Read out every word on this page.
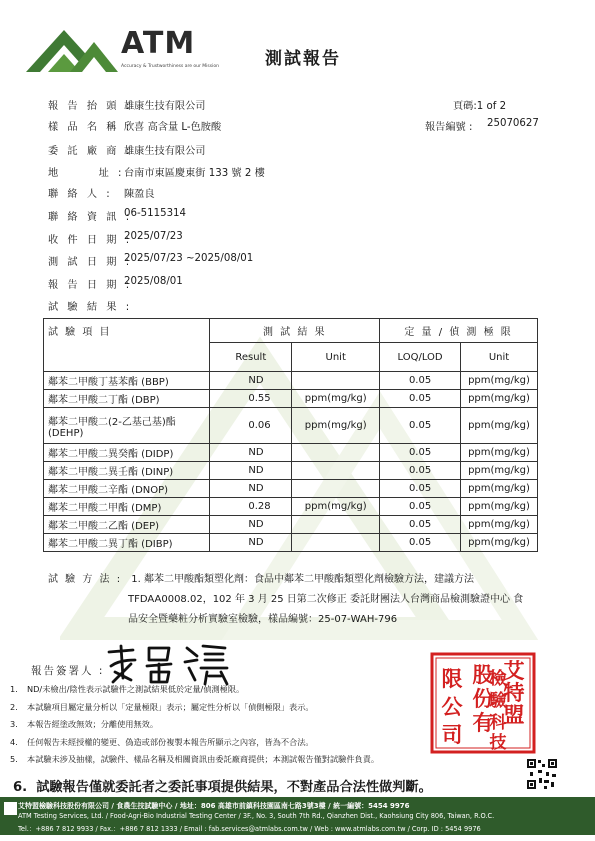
ATM
Accuracy & Trustworthiness are our Mission	測試報告
報 告 抬 頭 :
雄康生技有限公司	頁碼:1 of 2
樣 品 名 稱 :
欣喜 高含量 L-色胺酸	報告編號 : 25070627
委 託 廠 商 :
雄康生技有限公司
地      址 : 台南市東區慶東街 133 號 2 樓
聯 絡 人 : 陳盈良
聯 絡 資 訊 :
06-5115314
收 件 日 期 :
2025/07/23
測 試 日 期 :
2025/07/23 ~2025/08/01
報 告 日 期 :
2025/08/01
試 驗 結 果 :
試 驗 項 目	測 試 結 果		定 量 / 偵 測 極 限	
	Result	Unit	LOQ/LOD	Unit
鄰苯二甲酸丁基苯酯 (BBP)	ND		0.05	ppm(mg/kg)
鄰苯二甲酸二丁酯 (DBP)	0.55	ppm(mg/kg)	0.05	ppm(mg/kg)

鄰苯二甲酸二(2-乙基己基)酯
(DEHP)	0.06	ppm(mg/kg)	0.05	ppm(mg/kg)
鄰苯二甲酸二異癸酯 (DIDP)	ND		0.05	ppm(mg/kg)
鄰苯二甲酸二異壬酯 (DINP)	ND		0.05	ppm(mg/kg)
鄰苯二甲酸二辛酯 (DNOP)	ND		0.05	ppm(mg/kg)
鄰苯二甲酸二甲酯 (DMP)	0.28	ppm(mg/kg)	0.05	ppm(mg/kg)
鄰苯二甲酸二乙酯 (DEP)	ND		0.05	ppm(mg/kg)
鄰苯二甲酸二異丁酯 (DIBP)	ND		0.05	ppm(mg/kg)
試 驗 方 法 : 1. 鄰苯二甲酸酯類塑化劑：食品中鄰苯二甲酸酯類塑化劑檢驗方法，建議方法
TFDAA0008.02，102 年 3 月 25 日第二次修正 委託財團法人台灣商品檢測驗證中心 食
品安全暨藥粧分析實驗室檢驗，樣品編號：25-07-WAH-796
報告簽署人 :	限
公
司
股
份
有
艾
特
盟
檢
驗
科
技
1. ND/未檢出/陰性表示試驗件之測試結果低於定量/偵測極限。
2. 本試驗項目屬定量分析以「定量極限」表示；屬定性分析以「偵側極限」表示。
3. 本報告經塗改無效；分離使用無效。
4. 任何報告未經授權的變更、偽造或部份複製本報告所顯示之內容，皆為不合法。
5. 本試驗未涉及抽樣，試驗件、樣品名稱及相關資訊由委託廠商提供；本測試報告僅對試驗件負責。
6. 試驗報告僅就委託者之委託事項提供結果，不對產品合法性做判斷。
艾特盟檢驗科技股份有限公司 / 食農生技試驗中心 / 地址：806 高雄市前鎮科技園區南七路3號3樓 / 統一編號：5454 9976
ATM Testing Services, Ltd. / Food-Agri-Bio Industrial Testing Center / 3F., No. 3, South 7th Rd., Qianzhen Dist., Kaohsiung City 806, Taiwan, R.O.C.
Tel.：+886 7 812 9933 / Fax.：+886 7 812 1333 / Email : fab.services@atmlabs.com.tw / Web : www.atmlabs.com.tw / Corp. ID : 5454 9976
